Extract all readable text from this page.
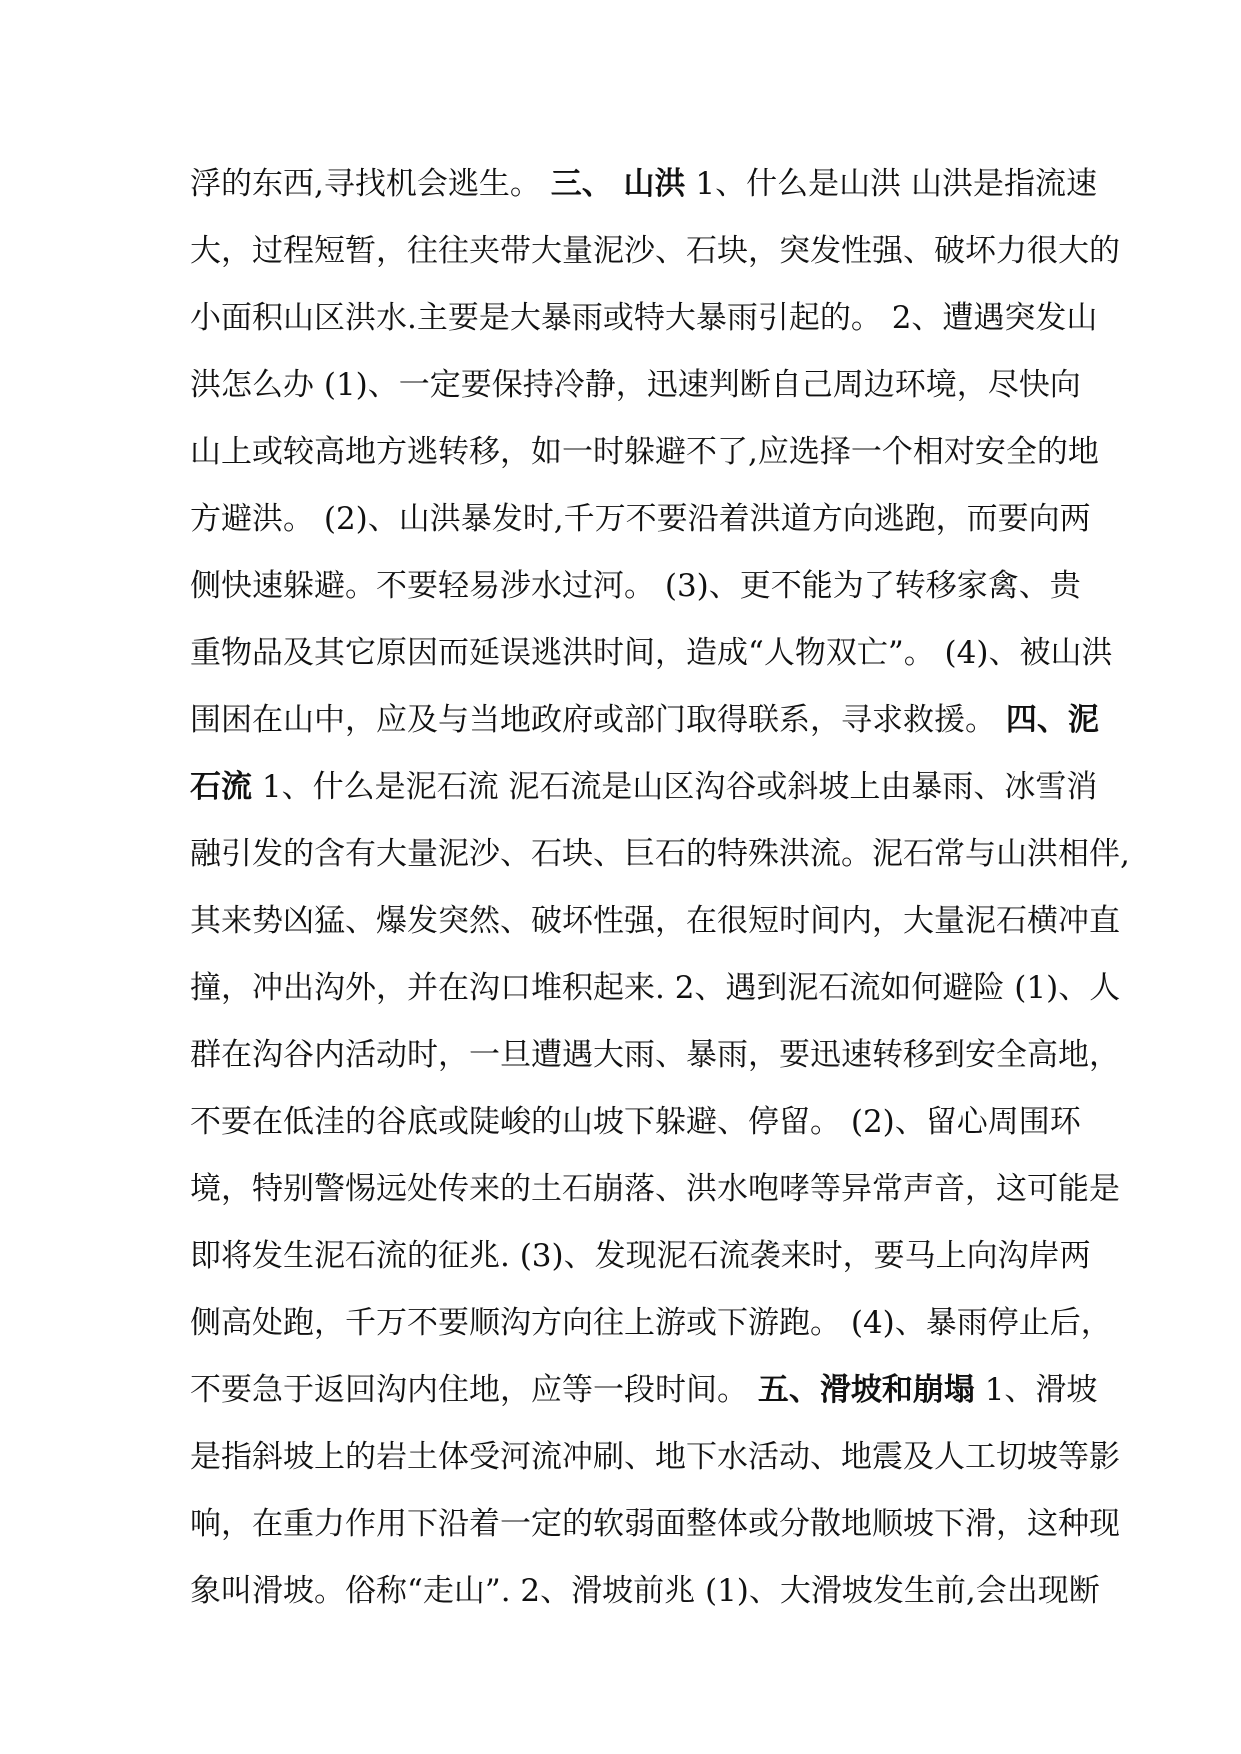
浮的东西,寻找机会逃生。 三、 山洪 1、什么是山洪 山洪是指流速
大，过程短暂，往往夹带大量泥沙、石块，突发性强、破坏力很大的
小面积山区洪水.主要是大暴雨或特大暴雨引起的。 2、遭遇突发山
洪怎么办 (1)、一定要保持冷静，迅速判断自己周边环境，尽快向
山上或较高地方逃转移，如一时躲避不了,应选择一个相对安全的地
方避洪。 (2)、山洪暴发时,千万不要沿着洪道方向逃跑，而要向两
侧快速躲避。不要轻易涉水过河。 (3)、更不能为了转移家禽、贵
重物品及其它原因而延误逃洪时间，造成“人物双亡”。 (4)、被山洪
围困在山中，应及与当地政府或部门取得联系，寻求救援。 四、泥
石流 1、什么是泥石流 泥石流是山区沟谷或斜坡上由暴雨、冰雪消
融引发的含有大量泥沙、石块、巨石的特殊洪流。泥石常与山洪相伴,
其来势凶猛、爆发突然、破坏性强，在很短时间内，大量泥石横冲直
撞，冲出沟外，并在沟口堆积起来. 2、遇到泥石流如何避险 (1)、人
群在沟谷内活动时，一旦遭遇大雨、暴雨，要迅速转移到安全高地，
不要在低洼的谷底或陡峻的山坡下躲避、停留。 (2)、留心周围环
境，特别警惕远处传来的土石崩落、洪水咆哮等异常声音，这可能是
即将发生泥石流的征兆. (3)、发现泥石流袭来时，要马上向沟岸两
侧高处跑，千万不要顺沟方向往上游或下游跑。 (4)、暴雨停止后，
不要急于返回沟内住地，应等一段时间。 五、滑坡和崩塌 1、滑坡
是指斜坡上的岩土体受河流冲刷、地下水活动、地震及人工切坡等影
响，在重力作用下沿着一定的软弱面整体或分散地顺坡下滑，这种现
象叫滑坡。俗称“走山”. 2、滑坡前兆 (1)、大滑坡发生前,会出现断
